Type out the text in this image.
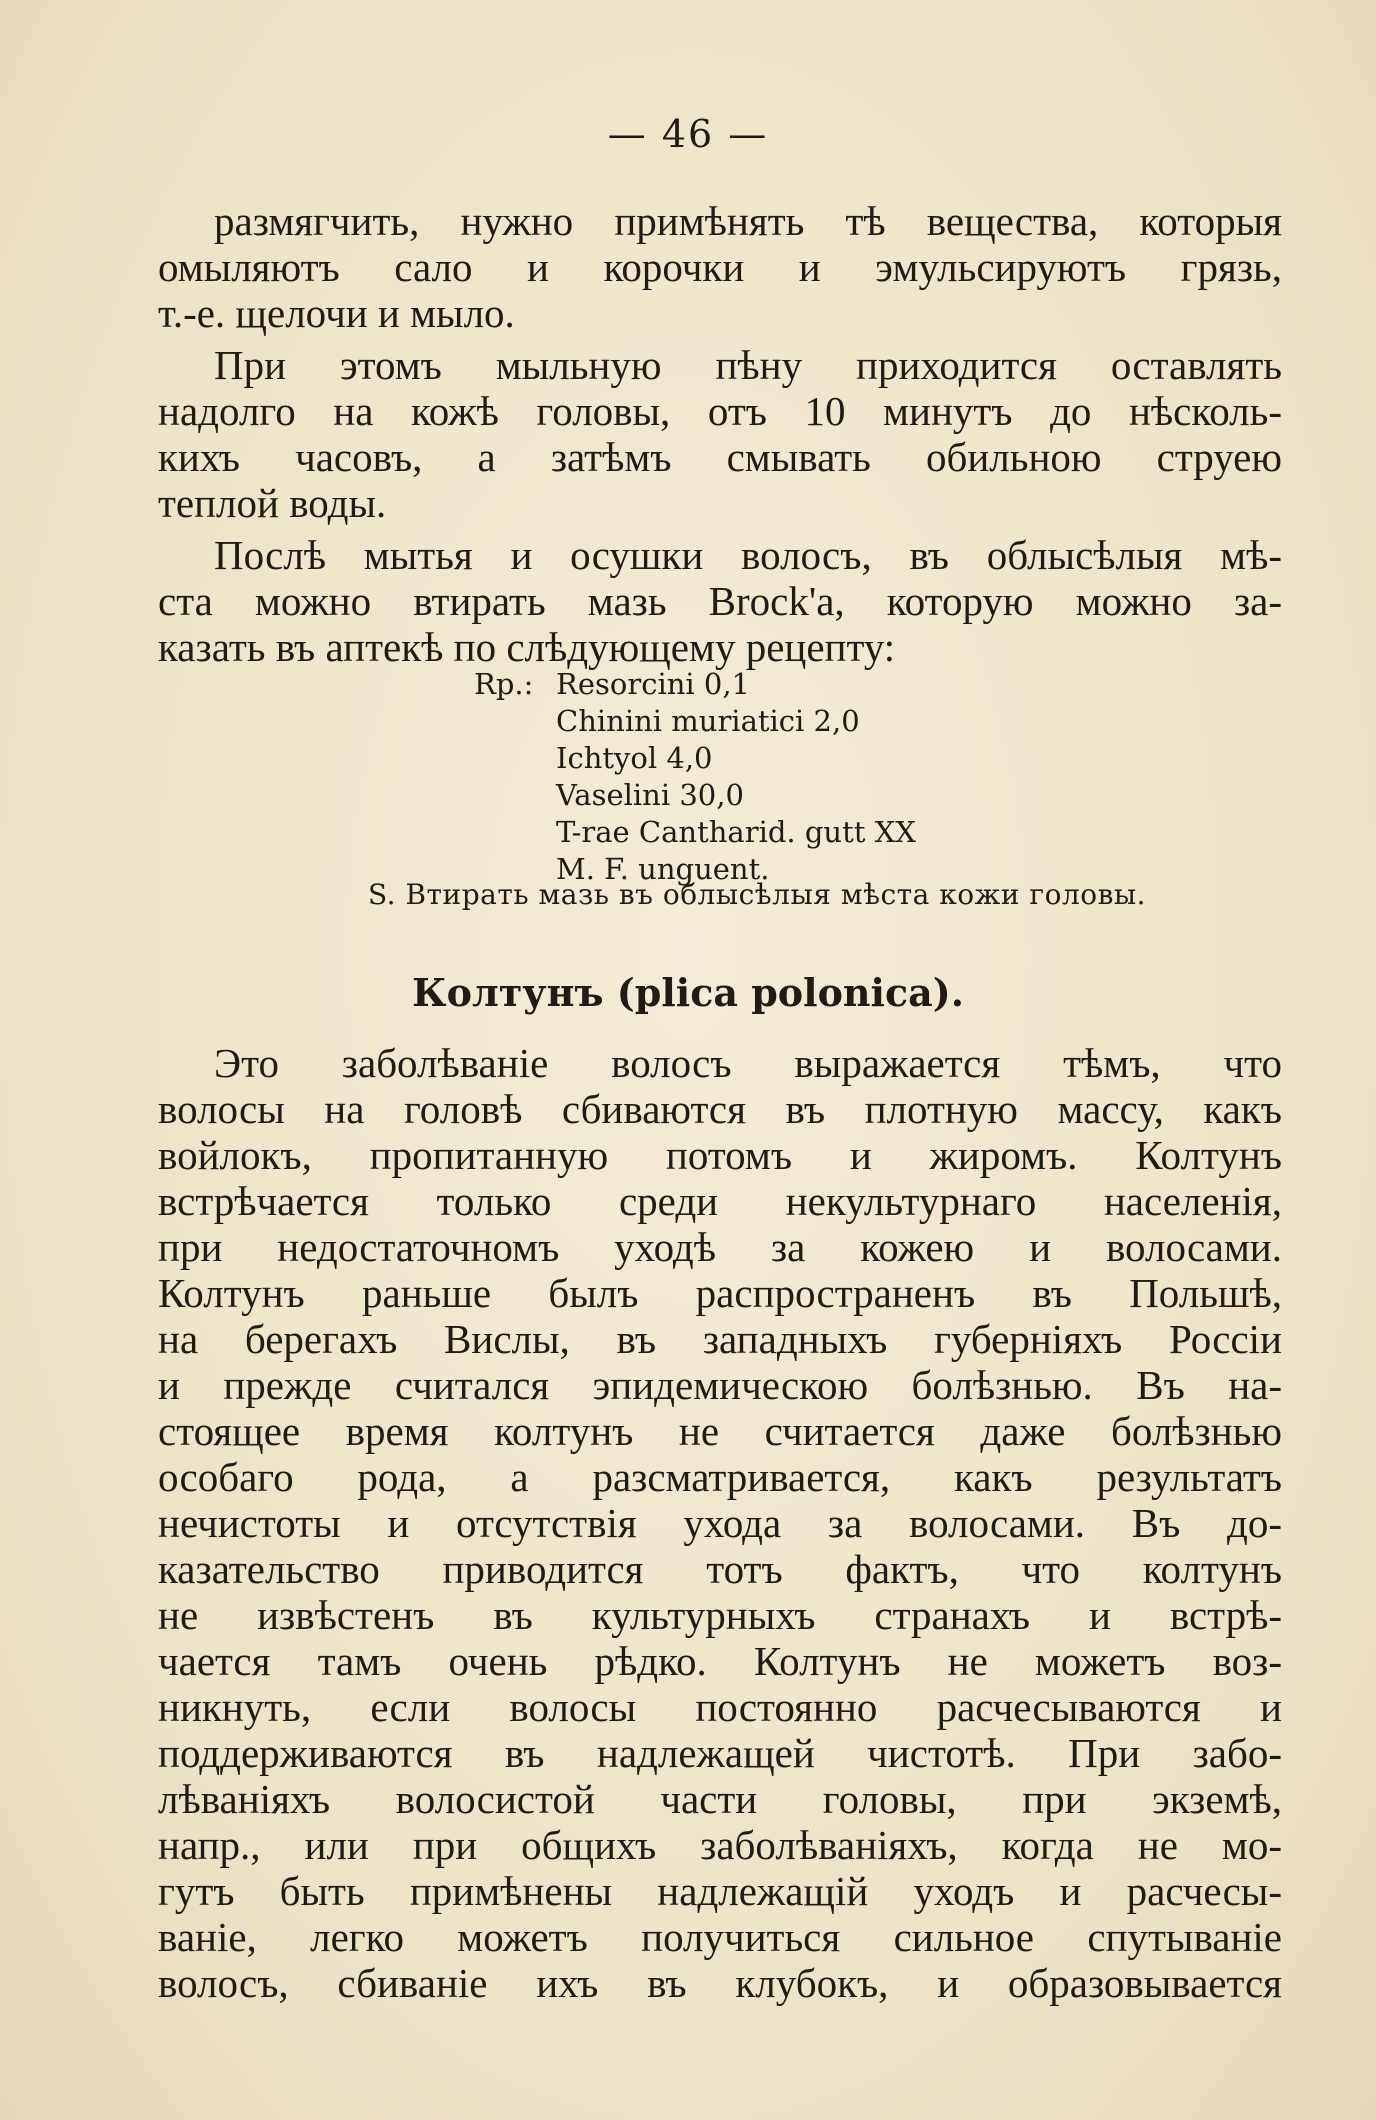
— 46 —
размягчить, нужно примѣнять тѣ вещества, которыя
омыляютъ сало и корочки и эмульсируютъ грязь,
т.-е. щелочи и мыло.
При этомъ мыльную пѣну приходится оставлять
надолго на кожѣ головы, отъ 10 минутъ до нѣсколь-
кихъ часовъ, а затѣмъ смывать обильною струею
теплой воды.
Послѣ мытья и осушки волосъ, въ облысѣлыя мѣ-
ста можно втирать мазь Brock'а, которую можно за-
казать въ аптекѣ по слѣдующему рецепту:
Rp.: Resorcini 0,1
Chinini muriatici 2,0
Ichtyol 4,0
Vaselini 30,0
T-rae Cantharid. gutt XX
M. F. unguent.
S. Втирать мазь въ облысѣлыя мѣста кожи головы.
Колтунъ (plica polonica).
Это заболѣваніе волосъ выражается тѣмъ, что
волосы на головѣ сбиваются въ плотную массу, какъ
войлокъ, пропитанную потомъ и жиромъ. Колтунъ
встрѣчается только среди некультурнаго населенія,
при недостаточномъ уходѣ за кожею и волосами.
Колтунъ раньше былъ распространенъ въ Польшѣ,
на берегахъ Вислы, въ западныхъ губерніяхъ Россіи
и прежде считался эпидемическою болѣзнью. Въ на-
стоящее время колтунъ не считается даже болѣзнью
особаго рода, а разсматривается, какъ результатъ
нечистоты и отсутствія ухода за волосами. Въ до-
казательство приводится тотъ фактъ, что колтунъ
не извѣстенъ въ культурныхъ странахъ и встрѣ-
чается тамъ очень рѣдко. Колтунъ не можетъ воз-
никнуть, если волосы постоянно расчесываются и
поддерживаются въ надлежащей чистотѣ. При забо-
лѣваніяхъ волосистой части головы, при экземѣ,
напр., или при общихъ заболѣваніяхъ, когда не мо-
гутъ быть примѣнены надлежащій уходъ и расчесы-
ваніе, легко можетъ получиться сильное спутываніе
волосъ, сбиваніе ихъ въ клубокъ, и образовывается
